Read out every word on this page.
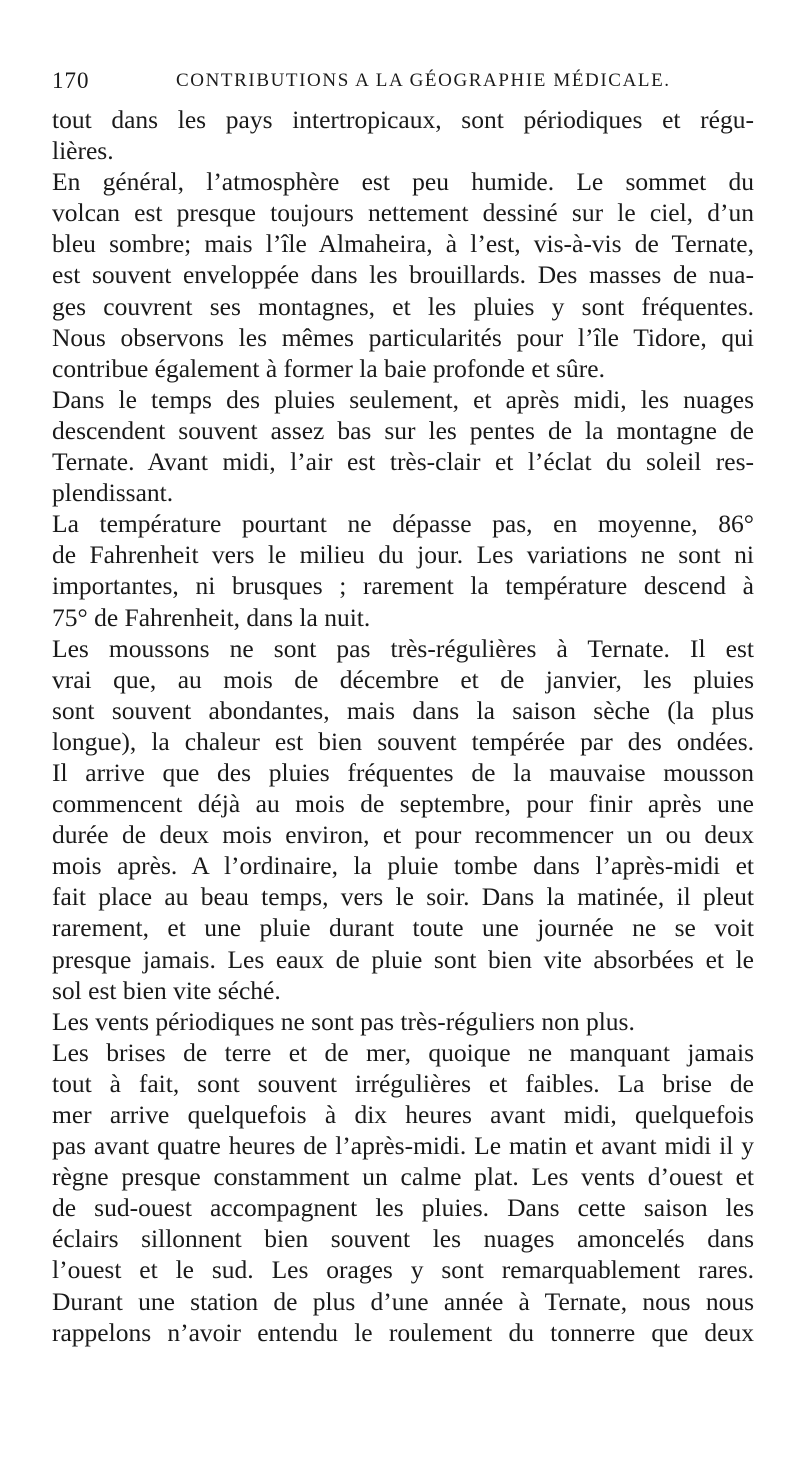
170	CONTRIBUTIONS A LA GÉOGRAPHIE MÉDICALE.
tout dans les pays intertropicaux, sont périodiques et régu-
lières.
En général, l’atmosphère est peu humide. Le sommet du
volcan est presque toujours nettement dessiné sur le ciel, d’un
bleu sombre; mais l’île Almaheira, à l’est, vis-à-vis de Ternate,
est souvent enveloppée dans les brouillards. Des masses de nua-
ges couvrent ses montagnes, et les pluies y sont fréquentes.
Nous observons les mêmes particularités pour l’île Tidore, qui
contribue également à former la baie profonde et sûre.
Dans le temps des pluies seulement, et après midi, les nuages
descendent souvent assez bas sur les pentes de la montagne de
Ternate. Avant midi, l’air est très-clair et l’éclat du soleil res-
plendissant.
La température pourtant ne dépasse pas, en moyenne, 86°
de Fahrenheit vers le milieu du jour. Les variations ne sont ni
importantes, ni brusques ; rarement la température descend à
75° de Fahrenheit, dans la nuit.
Les moussons ne sont pas très-régulières à Ternate. Il est
vrai que, au mois de décembre et de janvier, les pluies
sont souvent abondantes, mais dans la saison sèche (la plus
longue), la chaleur est bien souvent tempérée par des ondées.
Il arrive que des pluies fréquentes de la mauvaise mousson
commencent déjà au mois de septembre, pour finir après une
durée de deux mois environ, et pour recommencer un ou deux
mois après. A l’ordinaire, la pluie tombe dans l’après-midi et
fait place au beau temps, vers le soir. Dans la matinée, il pleut
rarement, et une pluie durant toute une journée ne se voit
presque jamais. Les eaux de pluie sont bien vite absorbées et le
sol est bien vite séché.
Les vents périodiques ne sont pas très-réguliers non plus.
Les brises de terre et de mer, quoique ne manquant jamais
tout à fait, sont souvent irrégulières et faibles. La brise de
mer arrive quelquefois à dix heures avant midi, quelquefois
pas avant quatre heures de l’après-midi. Le matin et avant midi il y
règne presque constamment un calme plat. Les vents d’ouest et
de sud-ouest accompagnent les pluies. Dans cette saison les
éclairs sillonnent bien souvent les nuages amoncelés dans
l’ouest et le sud. Les orages y sont remarquablement rares.
Durant une station de plus d’une année à Ternate, nous nous
rappelons n’avoir entendu le roulement du tonnerre que deux
